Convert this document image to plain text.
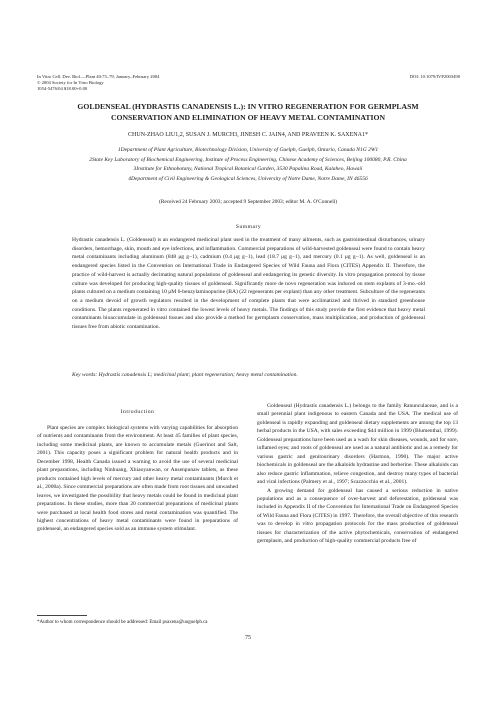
In Vitro Cell. Dev. Biol.—Plant 40:75–79, January–February 2004
© 2004 Society for In Vitro Biology
1054-5476/04 $18.00+0.00
DOI: 10.1079/IVP2003490
GOLDENSEAL (HYDRASTIS CANADENSIS L.): IN VITRO REGENERATION FOR GERMPLASM
CONSERVATION AND ELIMINATION OF HEAVY METAL CONTAMINATION
CHUN-ZHAO LIU1,2, SUSAN J. MURCH3, JINESH C. JAIN4, AND PRAVEEN K. SAXENA1*
1Department of Plant Agriculture, Biotechnology Division, University of Guelph, Guelph, Ontario, Canada N1G 2W1
2State Key Laboratory of Biochemical Engineering, Institute of Process Engineering, Chinese Academy of Sciences, Beijing 100080, P.R. China
3Institute for Ethnobotany, National Tropical Botanical Garden, 3530 Papalina Road, Kalaheo, Hawaii
4Department of Civil Engineering & Geological Sciences, University of Notre Dame, Notre Dame, IN 46556
(Received 24 February 2003; accepted 9 September 2003; editor M. A. O'Connell)
Summary
Hydrastis canadensis L. (Goldenseal) is an endangered medicinal plant used in the treatment of many ailments, such as gastrointestinal disturbances, urinary disorders, hemorrhage, skin, mouth and eye infections, and inflammation. Commercial preparations of wild-harvested goldenseal were found to contain heavy metal contaminants including aluminum (848 μg g−1), cadmium (0.4 μg g−1), lead (18.7 μg g−1), and mercury (0.1 μg g−1). As well, goldenseal is an endangered species listed in the Convention on International Trade in Endangered Species of Wild Fauna and Flora (CITES) Appendix II. Therefore, the practice of wild-harvest is actually decimating natural populations of goldenseal and endangering its genetic diversity. In vitro propagation protocol by tissue culture was developed for producing high-quality tissues of goldenseal. Significantly more de novo regeneration was induced on stem explants of 3-mo.-old plants cultured on a medium containing 10 μM 6-benzylaminopurine (BA) (22 regenerants per explant) than any other treatment. Subculture of the regenerants on a medium devoid of growth regulators resulted in the development of complete plants that were acclimatized and thrived in standard greenhouse conditions. The plants regenerated in vitro contained the lowest levels of heavy metals. The findings of this study provide the first evidence that heavy metal contaminants bioaccumulate in goldenseal tissues and also provide a method for germplasm conservation, mass multiplication, and production of goldenseal tissues free from abiotic contamination.
Key words: Hydrastis canadensis L; medicinal plant; plant regeneration; heavy metal contamination.
Introduction

Plant species are complex biological systems with varying capabilities for absorption of nutrients and contaminants from the environment. At least 45 families of plant species, including some medicinal plants, are known to accumulate metals (Guerinot and Salt, 2001). This capacity poses a significant problem for natural health products and in December 1998, Health Canada issued a warning to avoid the use of several medicinal plant preparations, including Ninhuang, Xhiaoyanwan, or Ansenpunaw tablets, as these products contained high levels of mercury and other heavy metal contaminants (Murch et al., 2000a). Since commercial preparations are often made from root tissues and unwashed leaves, we investigated the possibility that heavy metals could be found in medicinal plant preparations. In these studies, more than 20 commercial preparations of medicinal plants were purchased at local health food stores and metal contamination was quantified. The highest concentrations of heavy metal contaminants were found in preparations of goldenseal, an endangered species sold as an immune system stimulant.

Goldenseal (Hydrastis canadensis L.) belongs to the family Ranunculaceae, and is a small perennial plant indigenous to eastern Canada and the USA. The medical use of goldenseal is rapidly expanding and goldenseal dietary supplements are among the top 13 herbal products in the USA, with sales exceeding $44 million in 1999 (Blumenthal, 1999). Goldenseal preparations have been used as a wash for skin diseases, wounds, and for sore, inflamed eyes; and roots of goldenseal are used as a natural antibiotic and as a remedy for various gastric and genitourinary disorders (Harmon, 1990). The major active biochemicals in goldenseal are the alkaloids hydrastine and berberine. These alkaloids can also reduce gastric inflammation, relieve congestion, and destroy many types of bacterial and viral infections (Palmery et al., 1997; Scazzocchio et al., 2001).

A growing demand for goldenseal has caused a serious reduction in native populations and as a consequence of over-harvest and deforestation, goldenseal was included in Appendix II of the Convention for International Trade on Endangered Species of Wild Fauna and Flora (CITES) in 1997. Therefore, the overall objective of this research was to develop in vitro propagation protocols for the mass production of goldenseal tissues for characterization of the active phytochemicals, conservation of endangered germplasm, and production of high-quality commercial products free of

*Author to whom correspondence should be addressed: Email psaxena@uoguelph.ca
75
